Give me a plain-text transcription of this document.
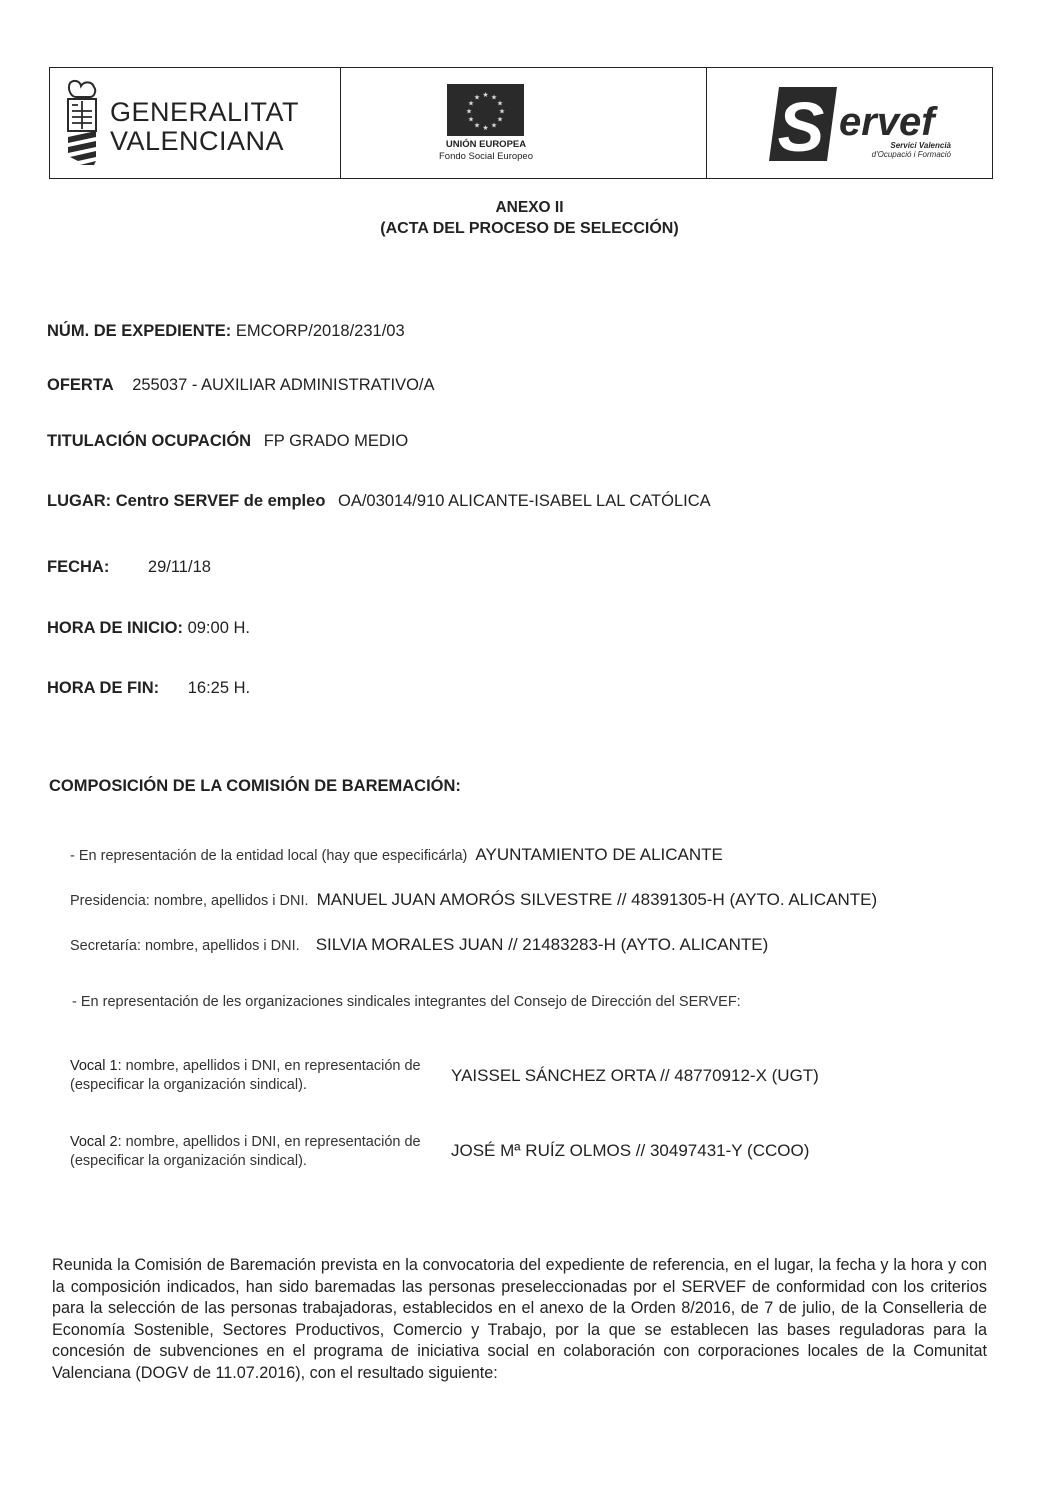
GENERALITAT
VALENCIANA
★ ★
★
★
★
★
★
★
★
★
★
★
UNIÓN EUROPEA
Fondo Social Europeo	S ervef
Servici Valencià
d'Ocupació i Formació
ANEXO II
(ACTA DEL PROCESO DE SELECCIÓN)
NÚM. DE EXPEDIENTE: EMCORP/2018/231/03
OFERTA 255037 - AUXILIAR ADMINISTRATIVO/A
TITULACIÓN OCUPACIÓN FP GRADO MEDIO
LUGAR: Centro SERVEF de empleo OA/03014/910 ALICANTE-ISABEL LAL CATÓLICA
FECHA: 29/11/18
HORA DE INICIO: 09:00 H.
HORA DE FIN: 16:25 H.
COMPOSICIÓN DE LA COMISIÓN DE BAREMACIÓN:
- En representación de la entidad local (hay que especificárla) AYUNTAMIENTO DE ALICANTE
Presidencia: nombre, apellidos i DNI. MANUEL JUAN AMORÓS SILVESTRE // 48391305-H (AYTO. ALICANTE)
Secretaría: nombre, apellidos i DNI. SILVIA MORALES JUAN // 21483283-H (AYTO. ALICANTE)
- En representación de les organizaciones sindicales integrantes del Consejo de Dirección del SERVEF:
Vocal 1: nombre, apellidos i DNI, en representación de (especificar la organización sindical).	YAISSEL SÁNCHEZ ORTA // 48770912-X (UGT)
Vocal 2: nombre, apellidos i DNI, en representación de (especificar la organización sindical).
JOSÉ Mª RUÍZ OLMOS // 30497431-Y (CCOO)
Reunida la Comisión de Baremación prevista en la convocatoria del expediente de referencia, en el lugar, la fecha y la hora y con la composición indicados, han sido baremadas las personas preseleccionadas por el SERVEF de conformidad con los criterios para la selección de las personas trabajadoras, establecidos en el anexo de la Orden 8/2016, de 7 de julio, de la Conselleria de Economía Sostenible, Sectores Productivos, Comercio y Trabajo, por la que se establecen las bases reguladoras para la concesión de subvenciones en el programa de iniciativa social en colaboración con corporaciones locales de la Comunitat Valenciana (DOGV de 11.07.2016), con el resultado siguiente:
